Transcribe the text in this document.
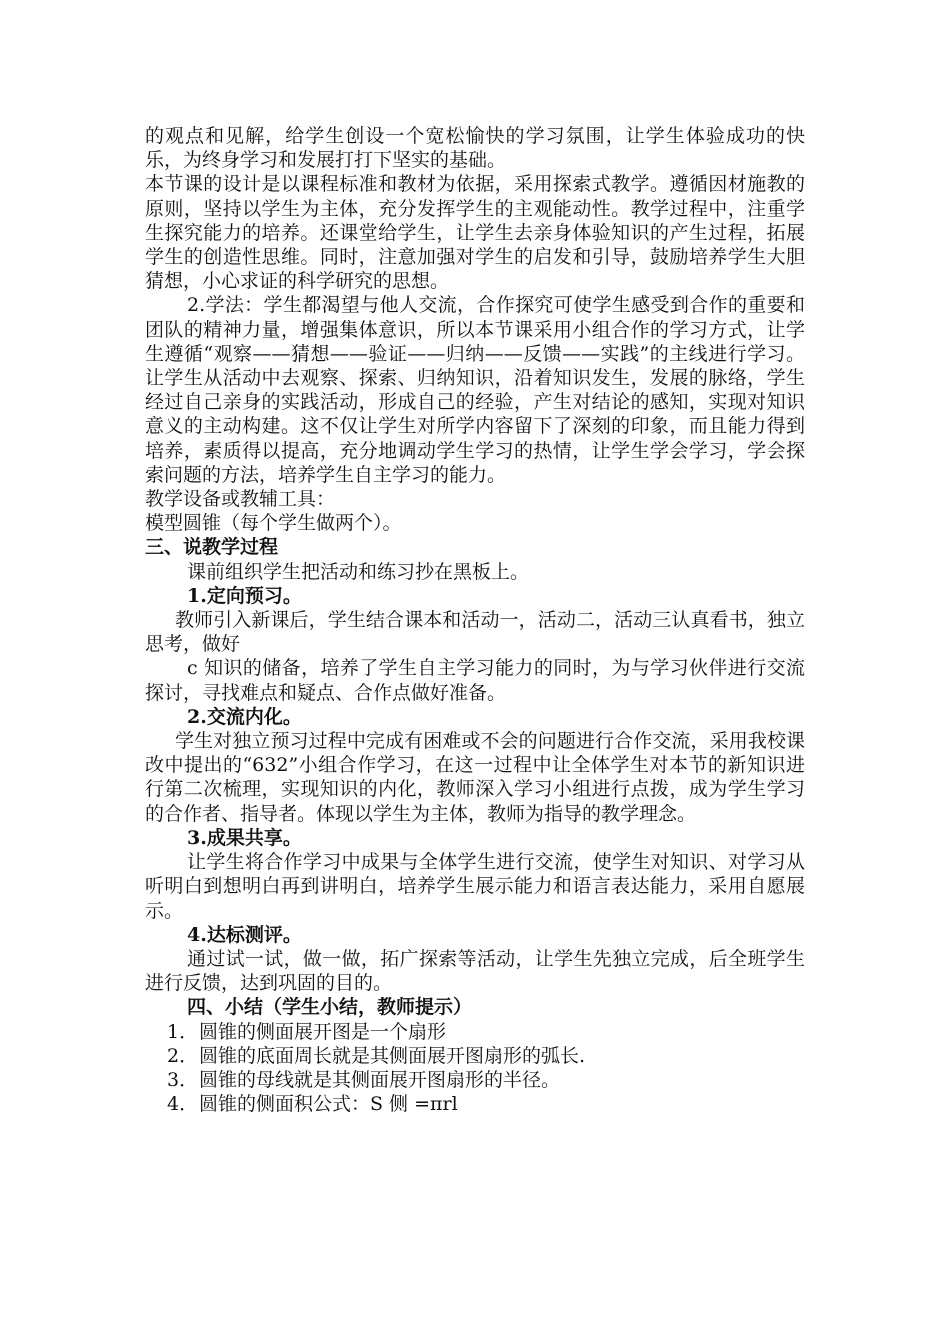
的观点和见解，给学生创设一个宽松愉快的学习氛围，让学生体验成功的快乐，为终身学习和发展打打下坚实的基础。

本节课的设计是以课程标准和教材为依据，采用探索式教学。遵循因材施教的原则，坚持以学生为主体，充分发挥学生的主观能动性。教学过程中，注重学生探究能力的培养。还课堂给学生，让学生去亲身体验知识的产生过程，拓展学生的创造性思维。同时，注意加强对学生的启发和引导，鼓励培养学生大胆猜想，小心求证的科学研究的思想。

2.学法：学生都渴望与他人交流，合作探究可使学生感受到合作的重要和团队的精神力量，增强集体意识，所以本节课采用小组合作的学习方式，让学生遵循“观察——猜想——验证——归纳——反馈——实践”的主线进行学习。让学生从活动中去观察、探索、归纳知识，沿着知识发生，发展的脉络，学生经过自己亲身的实践活动，形成自己的经验，产生对结论的感知，实现对知识意义的主动构建。这不仅让学生对所学内容留下了深刻的印象，而且能力得到培养，素质得以提高，充分地调动学生学习的热情，让学生学会学习，学会探索问题的方法，培养学生自主学习的能力。

教学设备或教辅工具：

模型圆锥（每个学生做两个）。

三、说教学过程

课前组织学生把活动和练习抄在黑板上。

1.定向预习。

教师引入新课后，学生结合课本和活动一，活动二，活动三认真看书，独立思考，做好

c 知识的储备，培养了学生自主学习能力的同时，为与学习伙伴进行交流探讨，寻找难点和疑点、合作点做好准备。

2.交流内化。

学生对独立预习过程中完成有困难或不会的问题进行合作交流，采用我校课改中提出的“632”小组合作学习，在这一过程中让全体学生对本节的新知识进行第二次梳理，实现知识的内化，教师深入学习小组进行点拨，成为学生学习的合作者、指导者。体现以学生为主体，教师为指导的教学理念。

3.成果共享。

让学生将合作学习中成果与全体学生进行交流，使学生对知识、对学习从听明白到想明白再到讲明白，培养学生展示能力和语言表达能力，采用自愿展示。

4.达标测评。

通过试一试，做一做，拓广探索等活动，让学生先独立完成，后全班学生进行反馈，达到巩固的目的。

四、小结（学生小结，教师提示）

1．圆锥的侧面展开图是一个扇形

2．圆锥的底面周长就是其侧面展开图扇形的弧长.

3．圆锥的母线就是其侧面展开图扇形的半径。

4．圆锥的侧面积公式：S 侧 =πrl
